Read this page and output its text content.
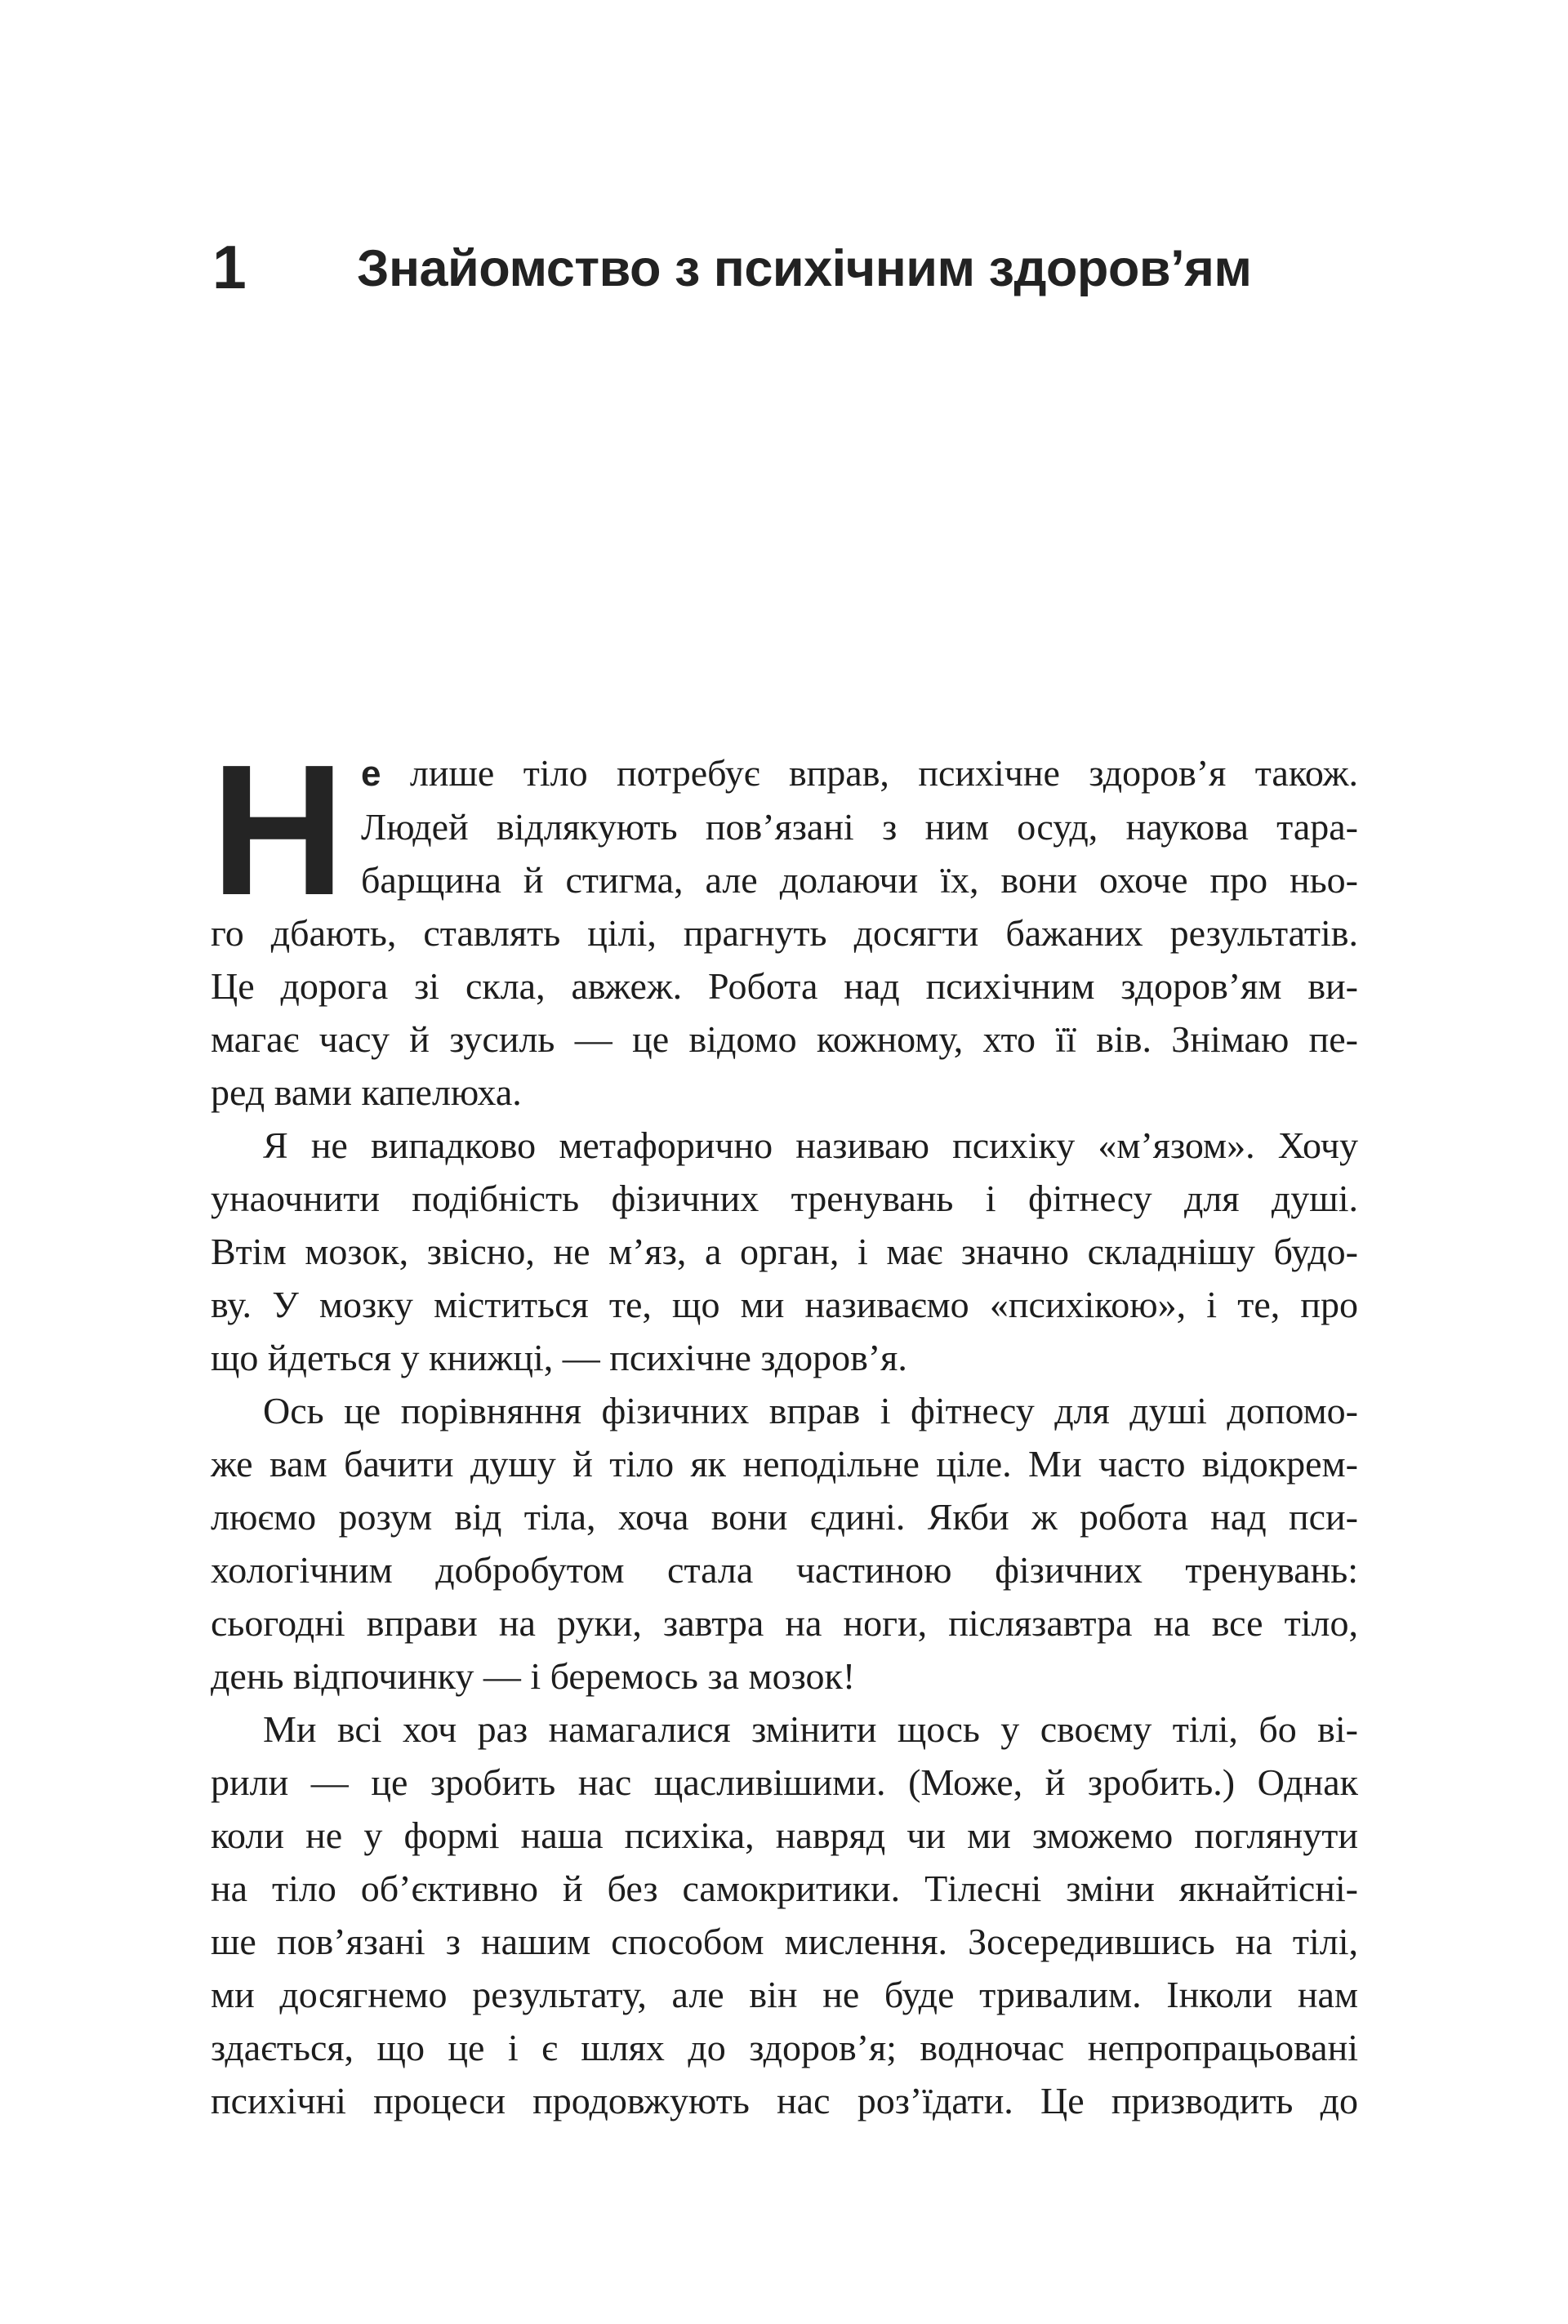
1 Знайомство з психічним здоров’ям
Н е лише тіло потребує вправ, психічне здоров’я також.
Людей відлякують пов’язані з ним осуд, наукова тара-
барщина й стигма, але долаючи їх, вони охоче про ньо-
го дбають, ставлять цілі, прагнуть досягти бажаних результатів.
Це дорога зі скла, авжеж. Робота над психічним здоров’ям ви-
магає часу й зусиль — це відомо кожному, хто її вів. Знімаю пе-
ред вами капелюха.
Я не випадково метафорично називаю психіку «м’язом». Хочу
унаочнити подібність фізичних тренувань і фітнесу для душі.
Втім мозок, звісно, не м’яз, а орган, і має значно складнішу будо-
ву. У мозку міститься те, що ми називаємо «психікою», і те, про
що йдеться у книжці, — психічне здоров’я.
Ось це порівняння фізичних вправ і фітнесу для душі допомо-
же вам бачити душу й тіло як неподільне ціле. Ми часто відокрем-
люємо розум від тіла, хоча вони єдині. Якби ж робота над пси-
хологічним добробутом стала частиною фізичних тренувань:
сьогодні вправи на руки, завтра на ноги, післязавтра на все тіло,
день відпочинку — і беремось за мозок!
Ми всі хоч раз намагалися змінити щось у своєму тілі, бо ві-
рили — це зробить нас щасливішими. (Може, й зробить.) Однак
коли не у формі наша психіка, навряд чи ми зможемо поглянути
на тіло об’єктивно й без самокритики. Тілесні зміни якнайтісні-
ше пов’язані з нашим способом мислення. Зосередившись на тілі,
ми досягнемо результату, але він не буде тривалим. Інколи нам
здається, що це і є шлях до здоров’я; водночас непропрацьовані
психічні процеси продовжують нас роз’їдати. Це призводить до
